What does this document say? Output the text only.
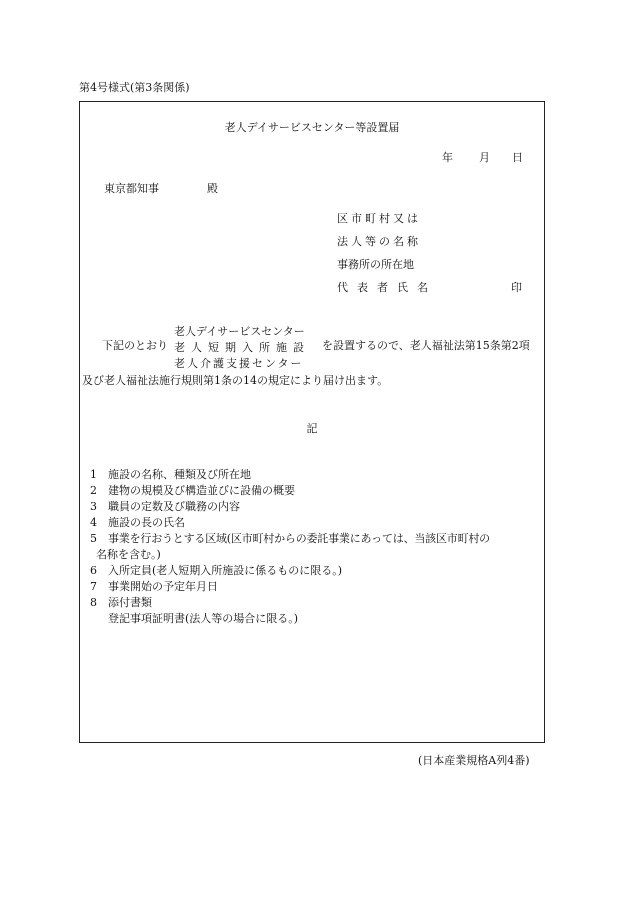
第4号様式(第3条関係)
老人デイサービスセンター等設置届
年 月 日
東京都知事	殿
区市町村又は
法人等の名称
事務所の所在地
代表者氏名	印
下記のとおり
老人デイサービスセンター
老人短期入所施設
老人介護支援センター
を設置するので、老人福祉法第15条第2項
及び老人福祉法施行規則第1条の14の規定により届け出ます。
記
1 施設の名称、種類及び所在地
2 建物の規模及び構造並びに設備の概要
3 職員の定数及び職務の内容
4 施設の長の氏名
5 事業を行おうとする区域(区市町村からの委託事業にあっては、当該区市町村の
名称を含む。)
6 入所定員(老人短期入所施設に係るものに限る。)
7 事業開始の予定年月日
8 添付書類
登記事項証明書(法人等の場合に限る。)
(日本産業規格A列4番)
